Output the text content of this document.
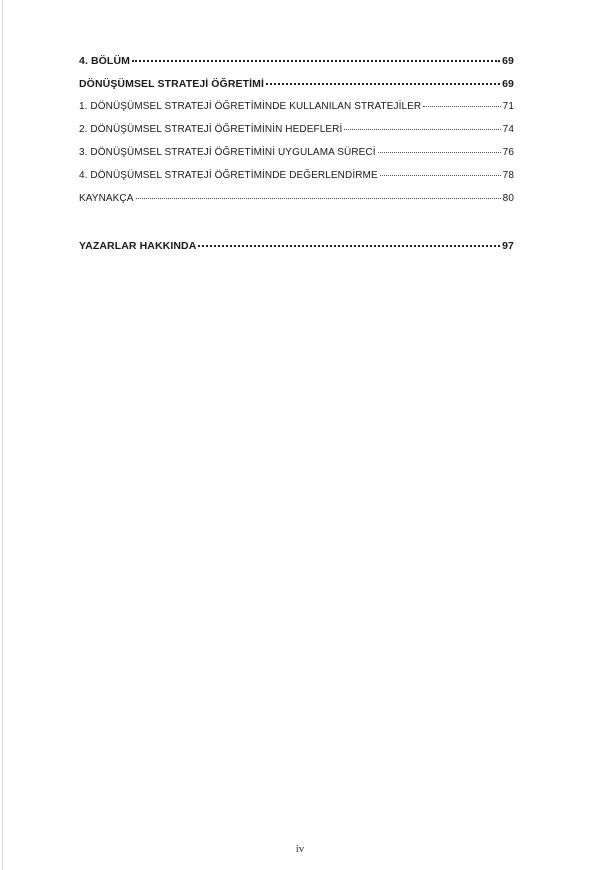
4. BÖLÜM	69
DÖNÜŞÜMSEL STRATEJİ ÖĞRETİMİ	69
1. DÖNÜŞÜMSEL STRATEJİ ÖĞRETİMİNDE KULLANILAN STRATEJİLER	71
2. DÖNÜŞÜMSEL STRATEJİ ÖĞRETİMİNİN HEDEFLERİ	74
3. DÖNÜŞÜMSEL STRATEJİ ÖĞRETİMİNİ UYGULAMA SÜRECİ	76
4. DÖNÜŞÜMSEL STRATEJİ ÖĞRETİMİNDE DEĞERLENDİRME	78
KAYNAKÇA	80
YAZARLAR HAKKINDA	97
iv
